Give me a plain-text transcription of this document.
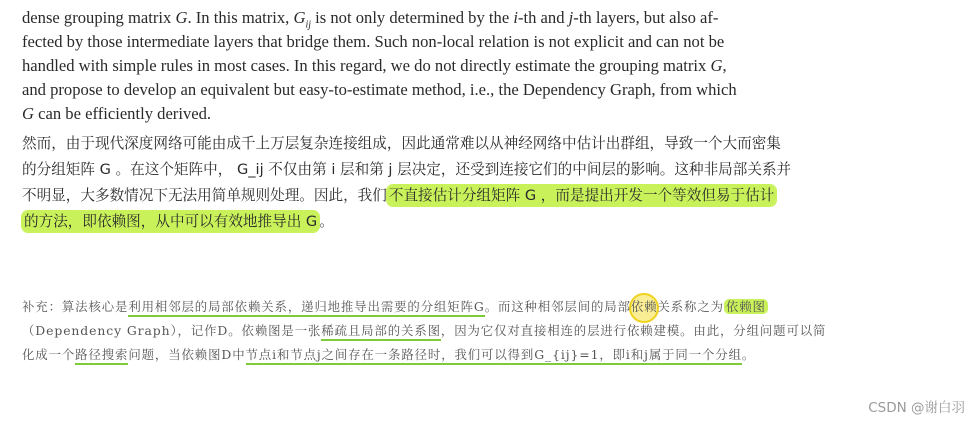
dense grouping matrix G. In this matrix, $G_{ij}$ is not only determined by the i-th and j-th layers, but also af-
fected by those intermediate layers that bridge them. Such non-local relation is not explicit and can not be
handled with simple rules in most cases. In this regard, we do not directly estimate the grouping matrix G,
and propose to develop an equivalent but easy-to-estimate method, i.e., the Dependency Graph, from which
G can be efficiently derived.
然而，由于现代深度网络可能由成千上万层复杂连接组成，因此通常难以从神经网络中估计出群组，导致一个大而密集
的分组矩阵 G 。在这个矩阵中， G_ij 不仅由第 i 层和第 j 层决定，还受到连接它们的中间层的影响。这种非局部关系并
不明显，大多数情况下无法用简单规则处理。因此，我们 不直接估计分组矩阵 G ，而是提出开发一个等效但易于估计
的方法，即依赖图，从中可以有效地推导出 G 。
补充：算法核心是利用相邻层的局部依赖关系，递归地推导出需要的分组矩阵G。而这种相邻层间的局部依赖关系称之为 依赖图
（Dependency Graph），记作D。依赖图是一张稀疏且局部的关系图，因为它仅对直接相连的层进行依赖建模。由此，分组问题可以简
化成一个路径搜索问题，当依赖图D中节点i和节点j之间存在一条路径时，我们可以得到G_{ij}=1，即i和j属于同一个分组。
CSDN @谢白羽
